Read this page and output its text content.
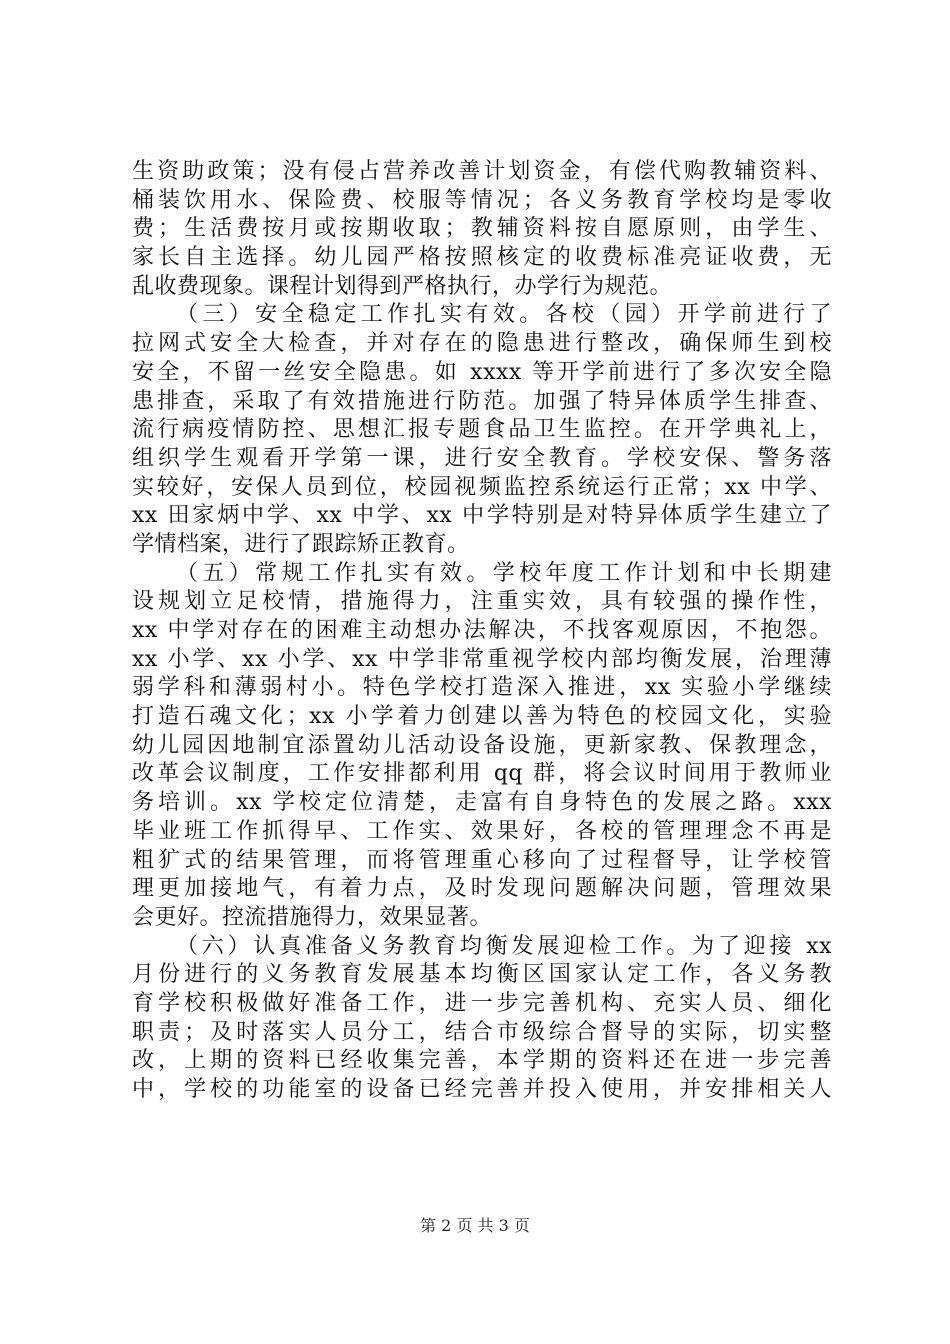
生资助政策；没有侵占营养改善计划资金，有偿代购教辅资料、
桶装饮用水、保险费、校服等情况；各义务教育学校均是零收
费；生活费按月或按期收取；教辅资料按自愿原则，由学生、
家长自主选择。幼儿园严格按照核定的收费标准亮证收费，无
乱收费现象。课程计划得到严格执行，办学行为规范。
（三）安全稳定工作扎实有效。各校（园）开学前进行了
拉网式安全大检查，并对存在的隐患进行整改，确保师生到校
安全，不留一丝安全隐患。如 xxxx 等开学前进行了多次安全隐
患排查，采取了有效措施进行防范。加强了特异体质学生排查、
流行病疫情防控、思想汇报专题食品卫生监控。在开学典礼上，
组织学生观看开学第一课，进行安全教育。学校安保、警务落
实较好，安保人员到位，校园视频监控系统运行正常；xx 中学、
xx 田家炳中学、xx 中学、xx 中学特别是对特异体质学生建立了
学情档案，进行了跟踪矫正教育。
（五）常规工作扎实有效。学校年度工作计划和中长期建
设规划立足校情，措施得力，注重实效，具有较强的操作性，
xx 中学对存在的困难主动想办法解决，不找客观原因，不抱怨。
xx 小学、xx 小学、xx 中学非常重视学校内部均衡发展，治理薄
弱学科和薄弱村小。特色学校打造深入推进，xx 实验小学继续
打造石魂文化；xx 小学着力创建以善为特色的校园文化，实验
幼儿园因地制宜添置幼儿活动设备设施，更新家教、保教理念，
改革会议制度，工作安排都利用 qq 群，将会议时间用于教师业
务培训。xx 学校定位清楚，走富有自身特色的发展之路。xxx
毕业班工作抓得早、工作实、效果好，各校的管理理念不再是
粗犷式的结果管理，而将管理重心移向了过程督导，让学校管
理更加接地气，有着力点，及时发现问题解决问题，管理效果
会更好。控流措施得力，效果显著。
（六）认真准备义务教育均衡发展迎检工作。为了迎接 xx
月份进行的义务教育发展基本均衡区国家认定工作，各义务教
育学校积极做好准备工作，进一步完善机构、充实人员、细化
职责；及时落实人员分工，结合市级综合督导的实际，切实整
改，上期的资料已经收集完善，本学期的资料还在进一步完善
中，学校的功能室的设备已经完善并投入使用，并安排相关人
第 2 页 共 3 页
